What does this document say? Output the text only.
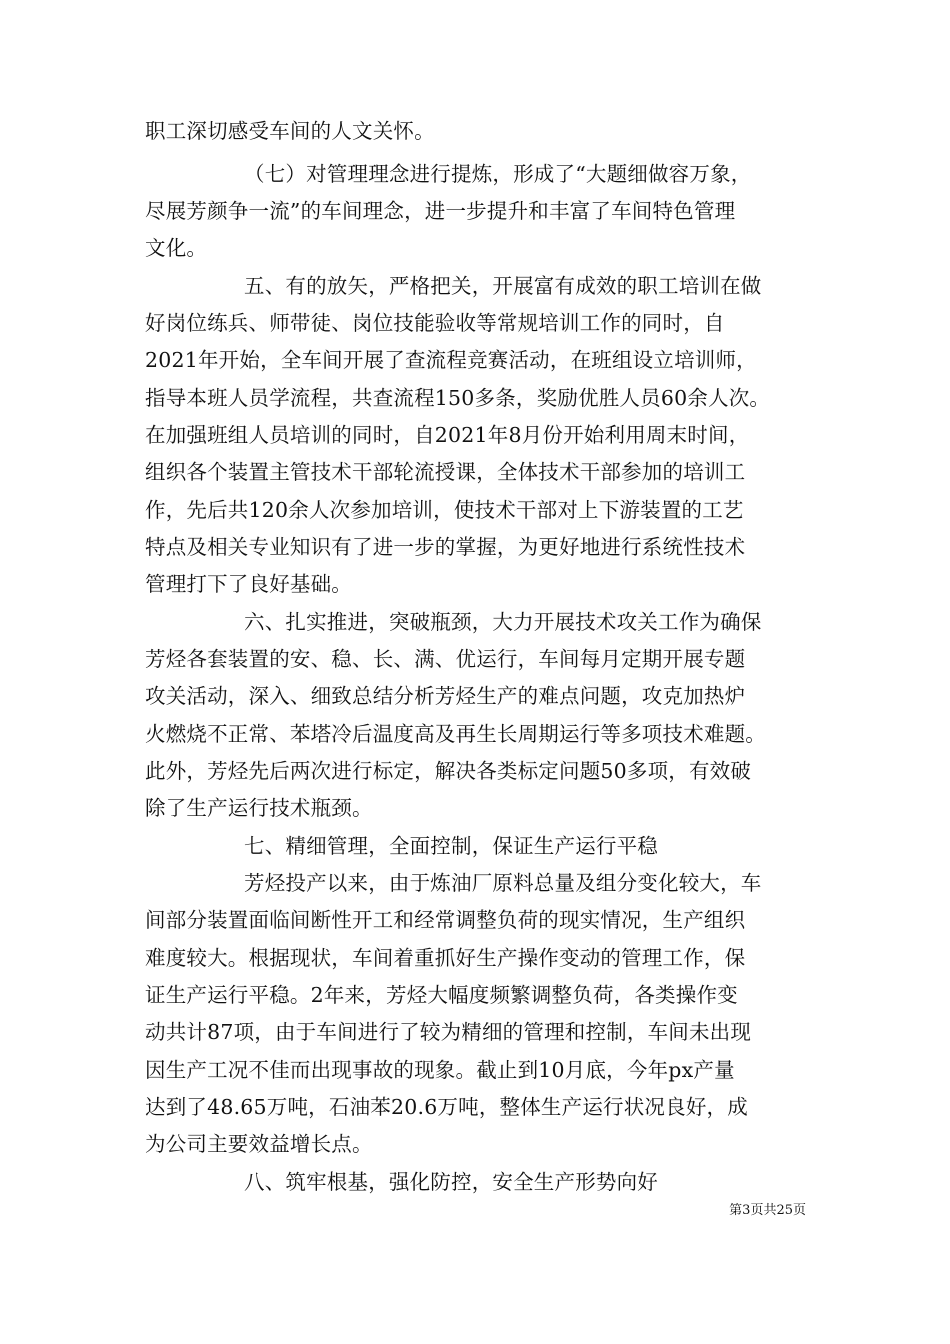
职工深切感受车间的人文关怀。
（七）对管理理念进行提炼，形成了“大题细做容万象，
尽展芳颜争一流”的车间理念，进一步提升和丰富了车间特色管理
文化。
五、有的放矢，严格把关，开展富有成效的职工培训在做
好岗位练兵、师带徒、岗位技能验收等常规培训工作的同时，自
2021年开始，全车间开展了查流程竞赛活动，在班组设立培训师，
指导本班人员学流程，共查流程150多条，奖励优胜人员60余人次。
在加强班组人员培训的同时，自2021年8月份开始利用周末时间，
组织各个装置主管技术干部轮流授课，全体技术干部参加的培训工
作，先后共120余人次参加培训，使技术干部对上下游装置的工艺
特点及相关专业知识有了进一步的掌握，为更好地进行系统性技术
管理打下了良好基础。
六、扎实推进，突破瓶颈，大力开展技术攻关工作为确保
芳烃各套装置的安、稳、长、满、优运行，车间每月定期开展专题
攻关活动，深入、细致总结分析芳烃生产的难点问题，攻克加热炉
火燃烧不正常、苯塔冷后温度高及再生长周期运行等多项技术难题。
此外，芳烃先后两次进行标定，解决各类标定问题50多项，有效破
除了生产运行技术瓶颈。
七、精细管理，全面控制，保证生产运行平稳
芳烃投产以来，由于炼油厂原料总量及组分变化较大，车
间部分装置面临间断性开工和经常调整负荷的现实情况，生产组织
难度较大。根据现状，车间着重抓好生产操作变动的管理工作，保
证生产运行平稳。2年来，芳烃大幅度频繁调整负荷，各类操作变
动共计87项，由于车间进行了较为精细的管理和控制，车间未出现
因生产工况不佳而出现事故的现象。截止到10月底，今年px产量
达到了48.65万吨，石油苯20.6万吨，整体生产运行状况良好，成
为公司主要效益增长点。
八、筑牢根基，强化防控，安全生产形势向好
第3页共25页
